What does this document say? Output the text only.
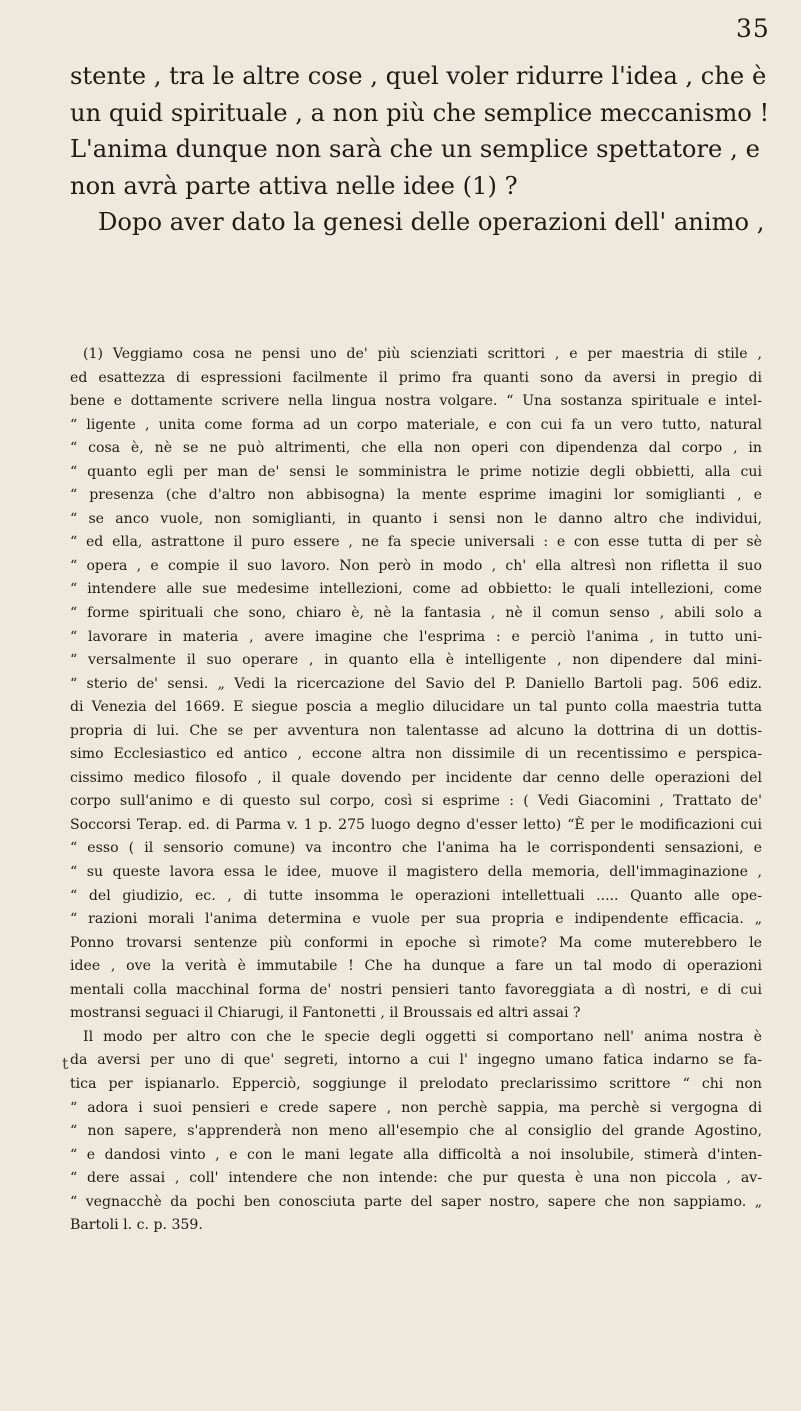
35
stente , tra le altre cose , quel voler ridurre l'idea , che è
un quid spirituale , a non più che semplice meccanismo !
L'anima dunque non sarà che un semplice spettatore , e
non avrà parte attiva nelle idee (1) ?
Dopo aver dato la genesi delle operazioni dell' animo ,
(1) Veggiamo cosa ne pensi uno de' più scienziati scrittori , e per maestria di stile ,
ed esattezza di espressioni facilmente il primo fra quanti sono da aversi in pregio di
bene e dottamente scrivere nella lingua nostra volgare. “ Una sostanza spirituale e intel-
“ ligente , unita come forma ad un corpo materiale, e con cui fa un vero tutto, natural
“ cosa è, nè se ne può altrimenti, che ella non operi con dipendenza dal corpo , in
“ quanto egli per man de' sensi le somministra le prime notizie degli obbietti, alla cui
“ presenza (che d'altro non abbisogna) la mente esprime imagini lor somiglianti , e
“ se anco vuole, non somiglianti, in quanto i sensi non le danno altro che individui,
“ ed ella, astrattone il puro essere , ne fa specie universali : e con esse tutta di per sè
“ opera , e compie il suo lavoro. Non però in modo , ch' ella altresì non rifletta il suo
“ intendere alle sue medesime intellezioni, come ad obbietto: le quali intellezioni, come
“ forme spirituali che sono, chiaro è, nè la fantasia , nè il comun senso , abili solo a
“ lavorare in materia , avere imagine che l'esprima : e perciò l'anima , in tutto uni-
“ versalmente il suo operare , in quanto ella è intelligente , non dipendere dal mini-
“ sterio de' sensi. „ Vedi la ricercazione del Savio del P. Daniello Bartoli pag. 506 ediz.
di Venezia del 1669. E siegue poscia a meglio dilucidare un tal punto colla maestria tutta
propria di lui. Che se per avventura non talentasse ad alcuno la dottrina di un dottis-
simo Ecclesiastico ed antico , eccone altra non dissimile di un recentissimo e perspica-
cissimo medico filosofo , il quale dovendo per incidente dar cenno delle operazioni del
corpo sull'animo e di questo sul corpo, così si esprime : ( Vedi Giacomini , Trattato de'
Soccorsi Terap. ed. di Parma v. 1 p. 275 luogo degno d'esser letto) “È per le modificazioni cui
“ esso ( il sensorio comune) va incontro che l'anima ha le corrispondenti sensazioni, e
“ su queste lavora essa le idee, muove il magistero della memoria, dell'immaginazione ,
“ del giudizio, ec. , di tutte insomma le operazioni intellettuali ..... Quanto alle ope-
“ razioni morali l'anima determina e vuole per sua propria e indipendente efficacia. „
Ponno trovarsi sentenze più conformi in epoche sì rimote? Ma come muterebbero le
idee , ove la verità è immutabile ! Che ha dunque a fare un tal modo di operazioni
mentali colla macchinal forma de' nostri pensieri tanto favoreggiata a dì nostri, e di cui
mostransi seguaci il Chiarugi, il Fantonetti , il Broussais ed altri assai ?
Il modo per altro con che le specie degli oggetti si comportano nell' anima nostra è
da aversi per uno di que' segreti, intorno a cui l' ingegno umano fatica indarno se fa-
tica per ispianarlo. Epperciò, soggiunge il prelodato preclarissimo scrittore “ chi non
“ adora i suoi pensieri e crede sapere , non perchè sappia, ma perchè si vergogna di
“ non sapere, s'apprenderà non meno all'esempio che al consiglio del grande Agostino,
“ e dandosi vinto , e con le mani legate alla difficoltà a noi insolubile, stimerà d'inten-
“ dere assai , coll' intendere che non intende: che pur questa è una non piccola , av-
“ vegnacchè da pochi ben conosciuta parte del saper nostro, sapere che non sappiamo. „
Bartoli l. c. p. 359.
t
